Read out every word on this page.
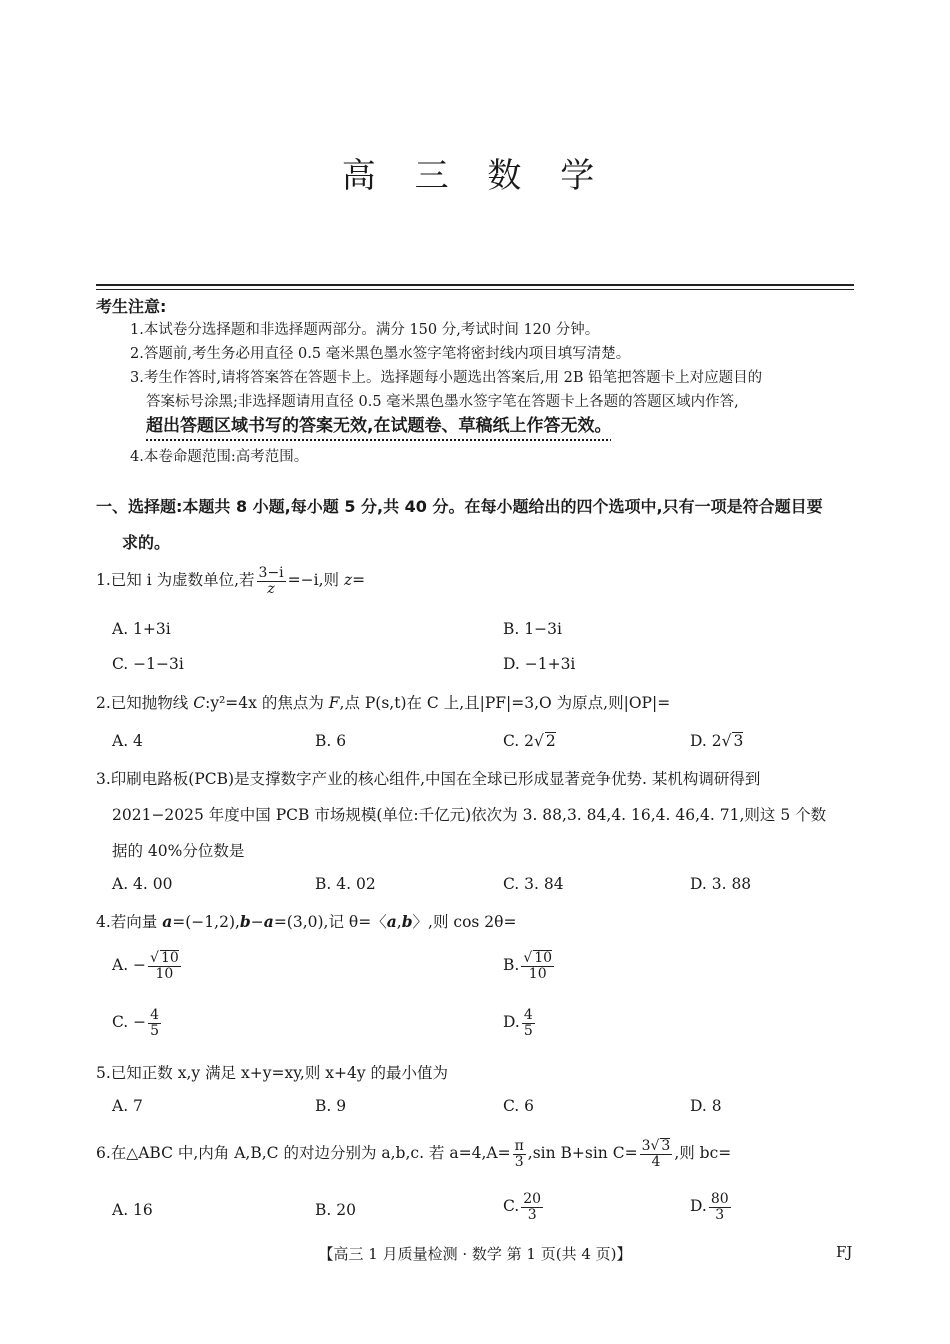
高 三 数 学
考生注意:
1.本试卷分选择题和非选择题两部分。满分 150 分,考试时间 120 分钟。
2.答题前,考生务必用直径 0.5 毫米黑色墨水签字笔将密封线内项目填写清楚。
3.考生作答时,请将答案答在答题卡上。选择题每小题选出答案后,用 2B 铅笔把答题卡上对应题目的
答案标号涂黑;非选择题请用直径 0.5 毫米黑色墨水签字笔在答题卡上各题的答题区域内作答,
超出答题区域书写的答案无效,在试题卷、草稿纸上作答无效。
4.本卷命题范围:高考范围。
一、选择题:本题共 8 小题,每小题 5 分,共 40 分。在每小题给出的四个选项中,只有一项是符合题目要
求的。
1.已知 i 为虚数单位,若 $\frac{3-i}{z} =-i$,则 z=
A. 1+3i	B. 1−3i
C. −1−3i	D. −1+3i
2.已知抛物线 C:y²=4x 的焦点为 F,点 P(s,t)在 C 上,且|PF|=3,O 为原点,则|OP|=
A. 4	B. 6	C. 2√ 2	D. 2√ 3
3.印刷电路板(PCB)是支撑数字产业的核心组件,中国在全球已形成显著竞争优势. 某机构调研得到
2021−2025 年度中国 PCB 市场规模(单位:千亿元)依次为 3. 88,3. 84,4. 16,4. 46,4. 71,则这 5 个数
据的 40%分位数是
A. 4. 00	B. 4. 02	C. 3. 84	D. 3. 88
4.若向量 a=(−1,2),b−a=(3,0),记 θ=〈a,b〉,则 cos 2θ=
A. − $\frac{√ 10}{10}$	B. $\frac{√ 10}{10}$
C. − $\frac{4}{5}$	D. $\frac{4}{5}$
5.已知正数 x,y 满足 x+y=xy,则 x+4y 的最小值为
A. 7	B. 9	C. 6	D. 8
6.在△ABC 中,内角 A,B,C 的对边分别为 a,b,c. 若 $a=4,A= \frac{\pi}{3} ,\sin$ B+sin $C= \frac{3√ 3}{4}$ ,则 bc=
A. 16	B. 20	C. $\frac{20}{3}$	D. $\frac{80}{3}$
【高三 1 月质量检测 · 数学 第 1 页(共 4 页)】	FJ
